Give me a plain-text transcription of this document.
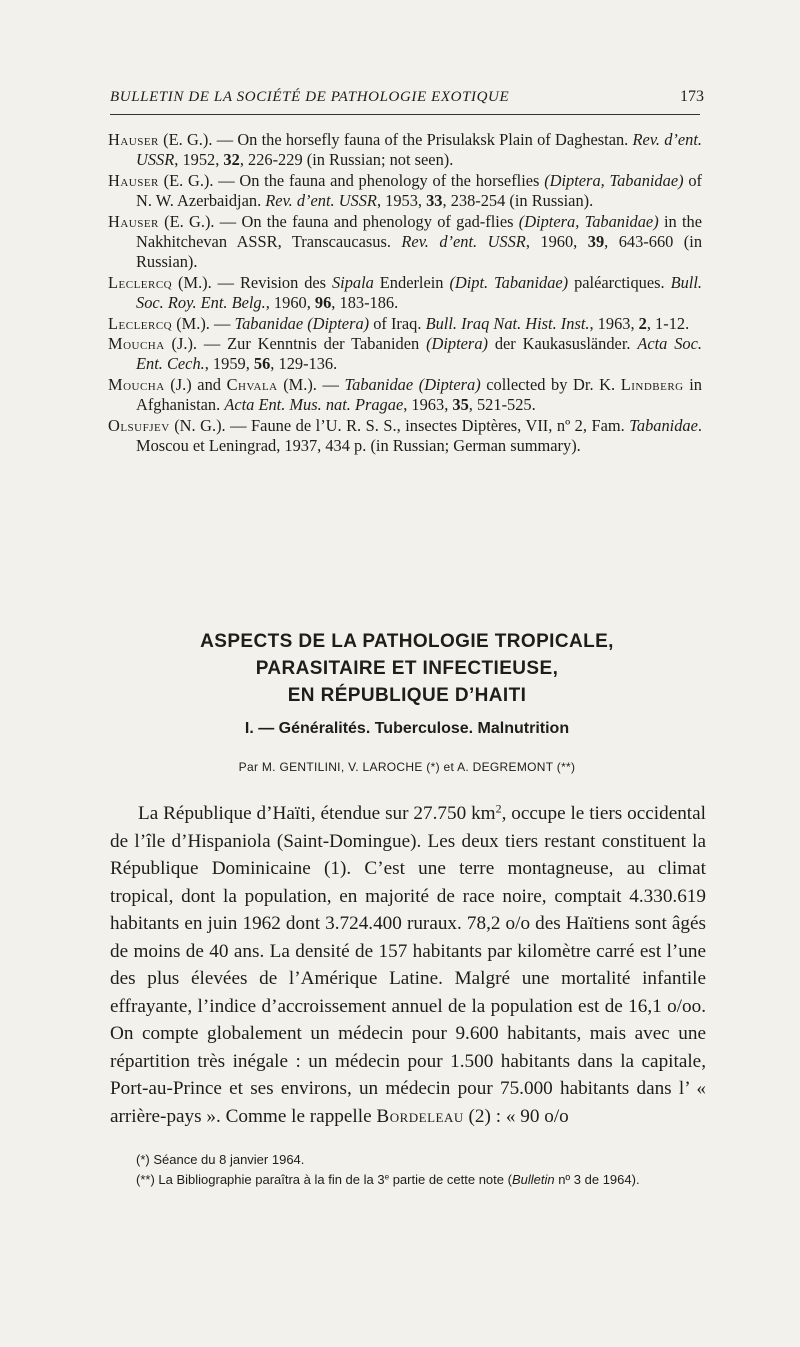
BULLETIN DE LA SOCIÉTÉ DE PATHOLOGIE EXOTIQUE	173
Hauser (E. G.). — On the horsefly fauna of the Prisulaksk Plain of Daghestan. Rev. d’ent. USSR, 1952, 32, 226-229 (in Russian; not seen).
Hauser (E. G.). — On the fauna and phenology of the horseflies (Diptera, Tabanidae) of N. W. Azerbaidjan. Rev. d’ent. USSR, 1953, 33, 238-254 (in Russian).
Hauser (E. G.). — On the fauna and phenology of gad-flies (Diptera, Tabanidae) in the Nakhitchevan ASSR, Transcaucasus. Rev. d’ent. USSR, 1960, 39, 643-660 (in Russian).
Leclercq (M.). — Revision des Sipala Enderlein (Dipt. Tabanidae) paléarctiques. Bull. Soc. Roy. Ent. Belg., 1960, 96, 183-186.
Leclercq (M.). — Tabanidae (Diptera) of Iraq. Bull. Iraq Nat. Hist. Inst., 1963, 2, 1-12.
Moucha (J.). — Zur Kenntnis der Tabaniden (Diptera) der Kaukasusländer. Acta Soc. Ent. Cech., 1959, 56, 129-136.
Moucha (J.) and Chvala (M.). — Tabanidae (Diptera) collected by Dr. K. Lindberg in Afghanistan. Acta Ent. Mus. nat. Pragae, 1963, 35, 521-525.
Olsufjev (N. G.). — Faune de l’U. R. S. S., insectes Diptères, VII, nº 2, Fam. Tabanidae. Moscou et Leningrad, 1937, 434 p. (in Russian; German summary).
ASPECTS DE LA PATHOLOGIE TROPICALE,
PARASITAIRE ET INFECTIEUSE,
EN RÉPUBLIQUE D’HAITI
I. — Généralités. Tuberculose. Malnutrition
Par M. GENTILINI, V. LAROCHE (*) et A. DEGREMONT (**)

La République d’Haïti, étendue sur 27.750 $km^2$, occupe le tiers occidental de l’île d’Hispaniola (Saint-Domingue). Les deux tiers restant constituent la République Dominicaine (1). C’est une terre montagneuse, au climat tropical, dont la population, en majorité de race noire, comptait 4.330.619 habitants en juin 1962 dont 3.724.400 ruraux. 78,2 o/o des Haïtiens sont âgés de moins de 40 ans. La densité de 157 habitants par kilomètre carré est l’une des plus élevées de l’Amérique Latine. Malgré une mortalité infantile effrayante, l’indice d’accroissement annuel de la population est de 16,1 o/oo. On compte globalement un médecin pour 9.600 habitants, mais avec une répartition très inégale : un médecin pour 1.500 habitants dans la capitale, Port-au-Prince et ses environs, un médecin pour 75.000 habitants dans l’ « arrière-pays ». Comme le rappelle Bordeleau (2) : « 90 o/o

(*) Séance du 8 janvier 1964.

(**) La Bibliographie paraîtra à la fin de la 3e partie de cette note (Bulletin nº 3 de 1964).
